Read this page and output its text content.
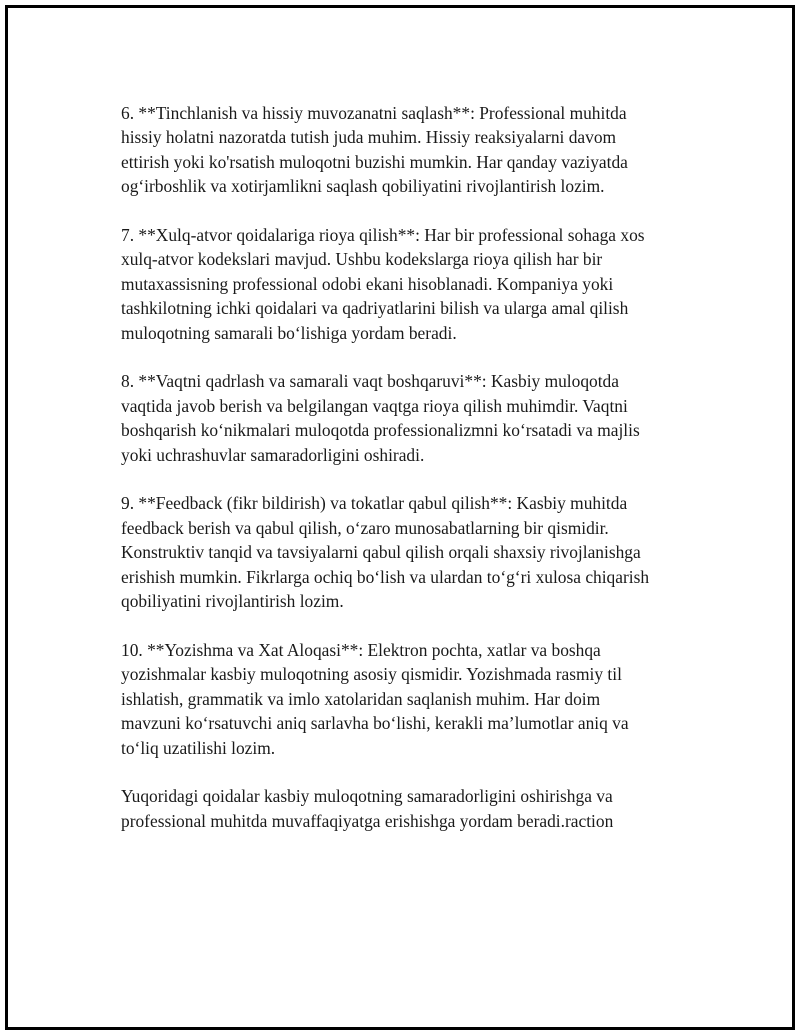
6. **Tinchlanish va hissiy muvozanatni saqlash**: Professional muhitda
hissiy holatni nazoratda tutish juda muhim. Hissiy reaksiyalarni davom
ettirish yoki ko'rsatish muloqotni buzishi mumkin. Har qanday vaziyatda
og‘irboshlik va xotirjamlikni saqlash qobiliyatini rivojlantirish lozim.

7. **Xulq-atvor qoidalariga rioya qilish**: Har bir professional sohaga xos
xulq-atvor kodekslari mavjud. Ushbu kodekslarga rioya qilish har bir
mutaxassisning professional odobi ekani hisoblanadi. Kompaniya yoki
tashkilotning ichki qoidalari va qadriyatlarini bilish va ularga amal qilish
muloqotning samarali bo‘lishiga yordam beradi.

8. **Vaqtni qadrlash va samarali vaqt boshqaruvi**: Kasbiy muloqotda
vaqtida javob berish va belgilangan vaqtga rioya qilish muhimdir. Vaqtni
boshqarish ko‘nikmalari muloqotda professionalizmni ko‘rsatadi va majlis
yoki uchrashuvlar samaradorligini oshiradi.

9. **Feedback (fikr bildirish) va tokatlar qabul qilish**: Kasbiy muhitda
feedback berish va qabul qilish, o‘zaro munosabatlarning bir qismidir.
Konstruktiv tanqid va tavsiyalarni qabul qilish orqali shaxsiy rivojlanishga
erishish mumkin. Fikrlarga ochiq bo‘lish va ulardan to‘g‘ri xulosa chiqarish
qobiliyatini rivojlantirish lozim.

10. **Yozishma va Xat Aloqasi**: Elektron pochta, xatlar va boshqa
yozishmalar kasbiy muloqotning asosiy qismidir. Yozishmada rasmiy til
ishlatish, grammatik va imlo xatolaridan saqlanish muhim. Har doim
mavzuni ko‘rsatuvchi aniq sarlavha bo‘lishi, kerakli ma’lumotlar aniq va
to‘liq uzatilishi lozim.

Yuqoridagi qoidalar kasbiy muloqotning samaradorligini oshirishga va
professional muhitda muvaffaqiyatga erishishga yordam beradi.raction
